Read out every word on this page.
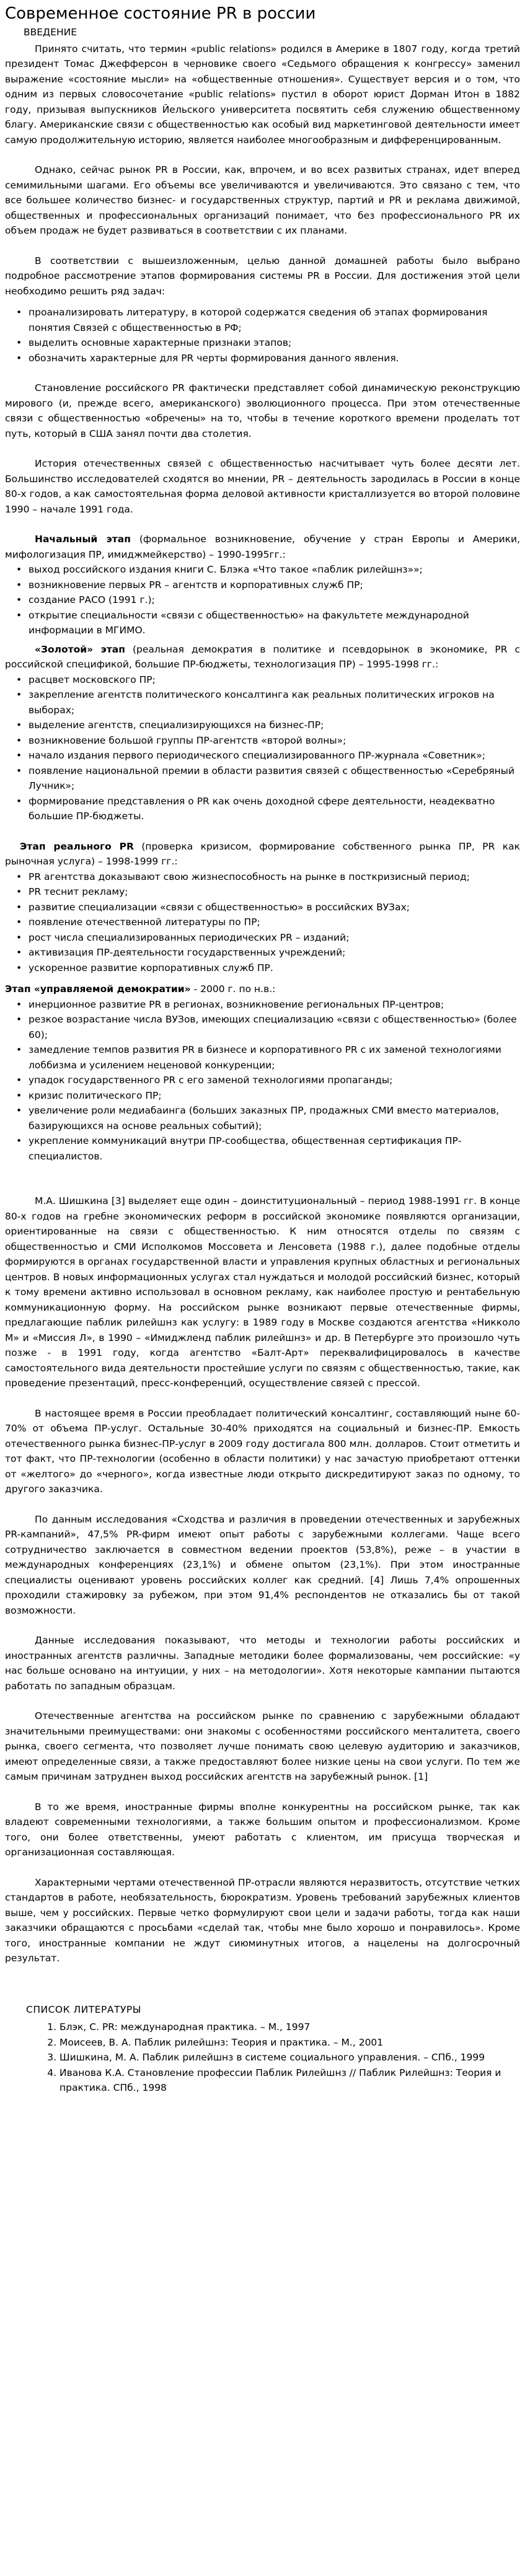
Современное состояние PR в россии
ВВЕДЕНИЕ

Принято считать, что термин «public relations» родился в Америке в 1807 году, когда третий президент Томас Джефферсон в черновике своего «Седьмого обращения к конгрессу» заменил выражение «состояние мысли» на «общественные отношения». Существует версия и о том, что одним из первых словосочетание «public relations» пустил в оборот юрист Дорман Итон в 1882 году, призывая выпускников Йельского университета посвятить себя служению общественному благу. Американские связи с общественностью как особый вид маркетинговой деятельности имеет самую продолжительную историю, является наиболее многообразным и дифференцированным.

Однако, сейчас рынок PR в России, как, впрочем, и во всех развитых странах, идет вперед семимильными шагами. Его объемы все увеличиваются и увеличиваются. Это связано с тем, что все большее количество бизнес- и государственных структур, партий и PR и реклама движимой, общественных и профессиональных организаций понимает, что без профессионального PR их объем продаж не будет развиваться в соответствии с их планами.

В соответствии с вышеизложенным, целью данной домашней работы было выбрано подробное рассмотрение этапов формирования системы PR в России. Для достижения этой цели необходимо решить ряд задач:

• проанализировать литературу, в которой содержатся сведения об этапах формирования понятия Связей с общественностью в РФ;
• выделить основные характерные признаки этапов;
• обозначить характерные для PR черты формирования данного явления.

Становление российского PR фактически представляет собой динамическую реконструкцию мирового (и, прежде всего, американского) эволюционного процесса. При этом отечественные связи с общественностью «обречены» на то, чтобы в течение короткого времени проделать тот путь, который в США занял почти два столетия.

История отечественных связей с общественностью насчитывает чуть более десяти лет. Большинство исследователей сходятся во мнении, PR – деятельность зародилась в России в конце 80-х годов, а как самостоятельная форма деловой активности кристаллизуется во второй половине 1990 – начале 1991 года.

Начальный этап (формальное возникновение, обучение у стран Европы и Америки, мифологизация ПР, имиджмейкерство) – 1990-1995гг.:

• выход российского издания книги С. Блэка «Что такое «паблик рилейшнз»»;
• возникновение первых PR – агентств и корпоративных служб ПР;
• создание РАСО (1991 г.);
• открытие специальности «связи с общественностью» на факультете международной информации в МГИМО.

«Золотой» этап (реальная демократия в политике и псевдорынок в экономике, PR с российской спецификой, большие ПР-бюджеты, технологизация ПР) – 1995-1998 гг.:

• расцвет московского ПР;
• закрепление агентств политического консалтинга как реальных политических игроков на выборах;
• выделение агентств, специализирующихся на бизнес-ПР;
• возникновение большой группы ПР-агентств «второй волны»;
• начало издания первого периодического специализированного ПР-журнала «Советник»;
• появление национальной премии в области развития связей с общественностью «Серебряный Лучник»;
• формирование представления о PR как очень доходной сфере деятельности, неадекватно большие ПР-бюджеты.

Этап реального PR (проверка кризисом, формирование собственного рынка ПР, PR как рыночная услуга) – 1998-1999 гг.:

• PR агентства доказывают свою жизнеспособность на рынке в посткризисный период;
• PR теснит рекламу;
• развитие специализации «связи с общественностью» в российских ВУЗах;
• появление отечественной литературы по ПР;
• рост числа специализированных периодических PR – изданий;
• активизация ПР-деятельности государственных учреждений;
• ускоренное развитие корпоративных служб ПР.

Этап «управляемой демократии» - 2000 г. по н.в.:

• инерционное развитие PR в регионах, возникновение региональных ПР-центров;
• резкое возрастание числа ВУЗов, имеющих специализацию «связи с общественностью» (более 60);
• замедление темпов развития PR в бизнесе и корпоративного PR с их заменой технологиями лоббизма и усилением неценовой конкуренции;
• упадок государственного PR с его заменой технологиями пропаганды;
• кризис политического ПР;
• увеличение роли медиабаинга (больших заказных ПР, продажных СМИ вместо материалов, базирующихся на основе реальных событий);
• укрепление коммуникаций внутри ПР-сообщества, общественная сертификация ПР-специалистов.

М.А. Шишкина [3] выделяет еще один – доинституциональный – период 1988-1991 гг. В конце 80-х годов на гребне экономических реформ в российской экономике появляются организации, ориентированные на связи с общественностью. К ним относятся отделы по связям с общественностью и СМИ Исполкомов Моссовета и Ленсовета (1988 г.), далее подобные отделы формируются в органах государственной власти и управления крупных областных и региональных центров. В новых информационных услугах стал нуждаться и молодой российский бизнес, который к тому времени активно использовал в основном рекламу, как наиболее простую и рентабельную коммуникационную форму. На российском рынке возникают первые отечественные фирмы, предлагающие паблик рилейшнз как услугу: в 1989 году в Москве создаются агентства «Никколо М» и «Миссия Л», в 1990 – «Имиджленд паблик рилейшнз» и др. В Петербурге это произошло чуть позже - в 1991 году, когда агентство «Балт-Арт» переквалифицировалось в качестве самостоятельного вида деятельности простейшие услуги по связям с общественностью, такие, как проведение презентаций, пресс-конференций, осуществление связей с прессой.

В настоящее время в России преобладает политический консалтинг, составляющий ныне 60-70% от объема ПР-услуг. Остальные 30-40% приходятся на социальный и бизнес-ПР. Емкость отечественного рынка бизнес-ПР-услуг в 2009 году достигала 800 млн. долларов. Стоит отметить и тот факт, что ПР-технологии (особенно в области политики) у нас зачастую приобретают оттенки от «желтого» до «черного», когда известные люди открыто дискредитируют заказ по одному, то другого заказчика.

По данным исследования «Сходства и различия в проведении отечественных и зарубежных PR-кампаний», 47,5% PR-фирм имеют опыт работы с зарубежными коллегами. Чаще всего сотрудничество заключается в совместном ведении проектов (53,8%), реже – в участии в международных конференциях (23,1%) и обмене опытом (23,1%). При этом иностранные специалисты оценивают уровень российских коллег как средний. [4] Лишь 7,4% опрошенных проходили стажировку за рубежом, при этом 91,4% респондентов не отказались бы от такой возможности.

Данные исследования показывают, что методы и технологии работы российских и иностранных агентств различны. Западные методики более формализованы, чем российские: «у нас больше основано на интуиции, у них – на методологии». Хотя некоторые кампании пытаются работать по западным образцам.

Отечественные агентства на российском рынке по сравнению с зарубежными обладают значительными преимуществами: они знакомы с особенностями российского менталитета, своего рынка, своего сегмента, что позволяет лучше понимать свою целевую аудиторию и заказчиков, имеют определенные связи, а также предоставляют более низкие цены на свои услуги. По тем же самым причинам затруднен выход российских агентств на зарубежный рынок. [1]

В то же время, иностранные фирмы вполне конкурентны на российском рынке, так как владеют современными технологиями, а также большим опытом и профессионализмом. Кроме того, они более ответственны, умеют работать с клиентом, им присуща творческая и организационная составляющая.

Характерными чертами отечественной ПР-отрасли являются неразвитость, отсутствие четких стандартов в работе, необязательность, бюрократизм. Уровень требований зарубежных клиентов выше, чем у российских. Первые четко формулируют свои цели и задачи работы, тогда как наши заказчики обращаются с просьбами «сделай так, чтобы мне было хорошо и понравилось». Кроме того, иностранные компании не ждут сиюминутных итогов, а нацелены на долгосрочный результат.

СПИСОК ЛИТЕРАТУРЫ
1. Блэк, С. PR: международная практика. – М., 1997
2. Моисеев, В. А. Паблик рилейшнз: Теория и практика. – М., 2001
3. Шишкина, М. А. Паблик рилейшнз в системе социального управления. – СПб., 1999
4. Иванова К.А. Становление профессии Паблик Рилейшнз // Паблик Рилейшнз: Теория и практика. СПб., 1998
